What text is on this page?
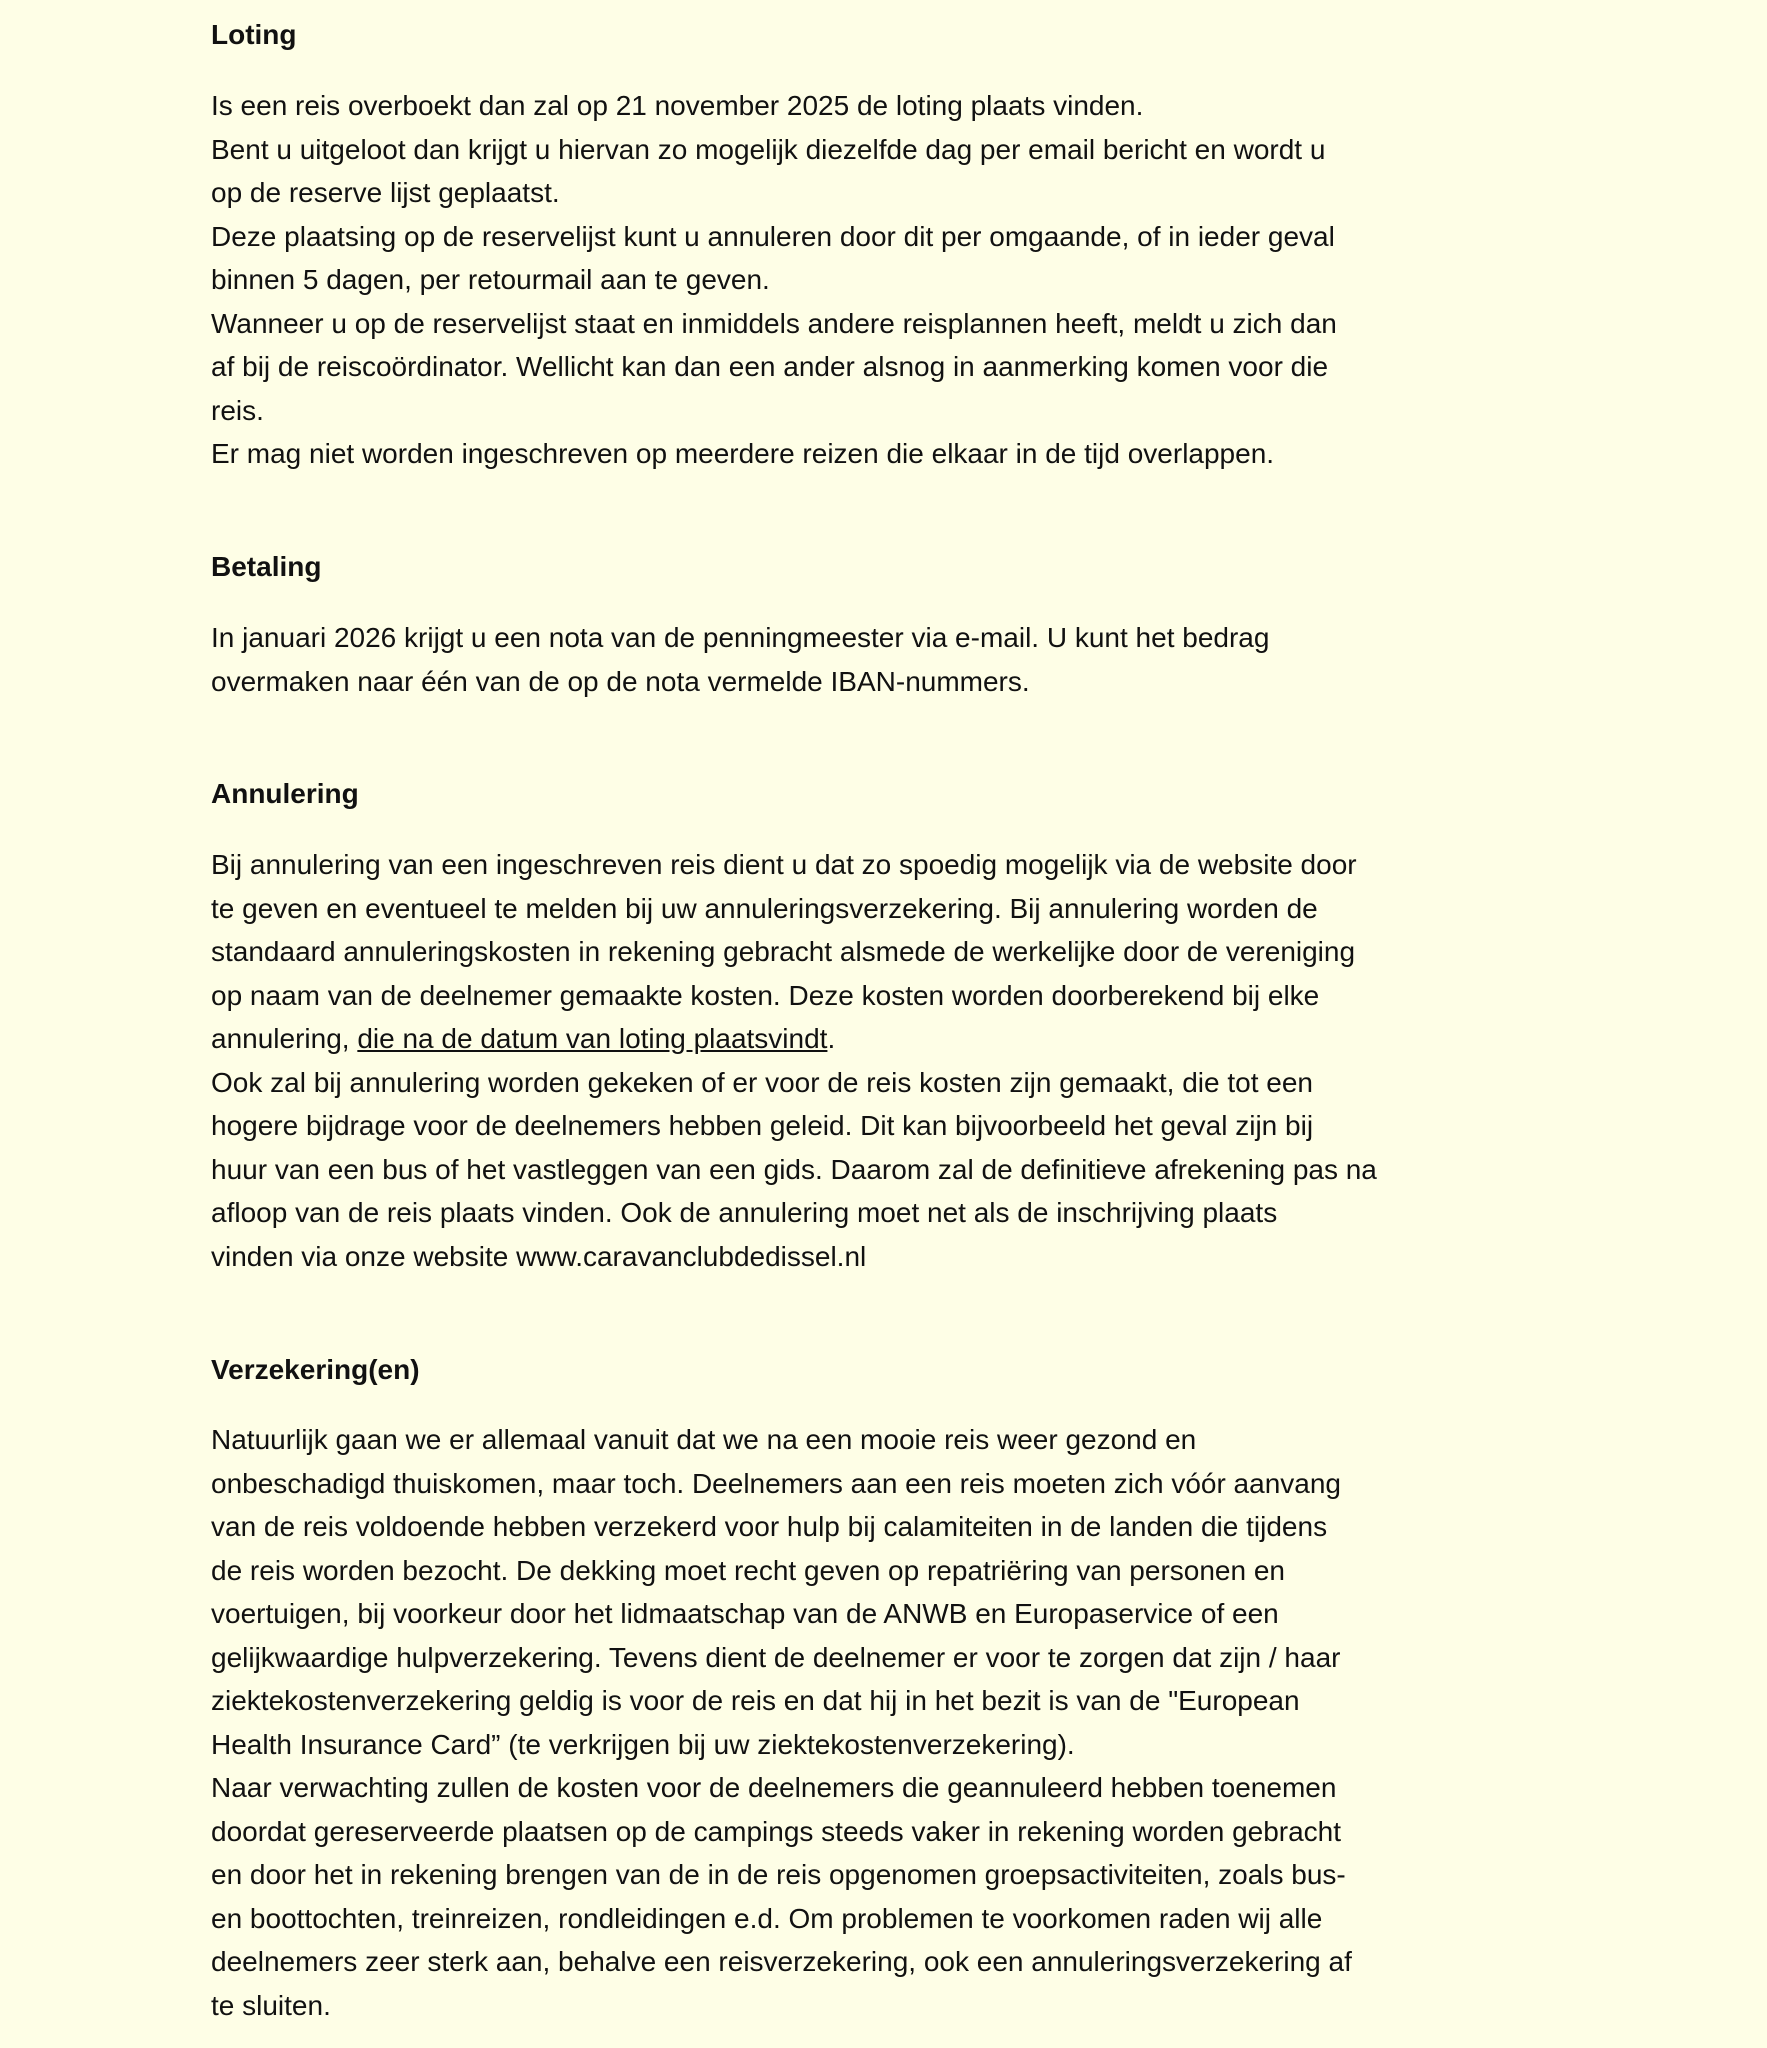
Loting
Is een reis overboekt dan zal op 21 november 2025 de loting plaats vinden.
Bent u uitgeloot dan krijgt u hiervan zo mogelijk diezelfde dag per email bericht en wordt u
op de reserve lijst geplaatst.
Deze plaatsing op de reservelijst kunt u annuleren door dit per omgaande, of in ieder geval
binnen 5 dagen, per retourmail aan te geven.
Wanneer u op de reservelijst staat en inmiddels andere reisplannen heeft, meldt u zich dan
af bij de reiscoördinator. Wellicht kan dan een ander alsnog in aanmerking komen voor die
reis.
Er mag niet worden ingeschreven op meerdere reizen die elkaar in de tijd overlappen.
Betaling
In januari 2026 krijgt u een nota van de penningmeester via e-mail. U kunt het bedrag
overmaken naar één van de op de nota vermelde IBAN-nummers.
Annulering
Bij annulering van een ingeschreven reis dient u dat zo spoedig mogelijk via de website door
te geven en eventueel te melden bij uw annuleringsverzekering. Bij annulering worden de
standaard annuleringskosten in rekening gebracht alsmede de werkelijke door de vereniging
op naam van de deelnemer gemaakte kosten. Deze kosten worden doorberekend bij elke
annulering, die na de datum van loting plaatsvindt.
Ook zal bij annulering worden gekeken of er voor de reis kosten zijn gemaakt, die tot een
hogere bijdrage voor de deelnemers hebben geleid. Dit kan bijvoorbeeld het geval zijn bij
huur van een bus of het vastleggen van een gids. Daarom zal de definitieve afrekening pas na
afloop van de reis plaats vinden. Ook de annulering moet net als de inschrijving plaats
vinden via onze website www.caravanclubdedissel.nl
Verzekering(en)
Natuurlijk gaan we er allemaal vanuit dat we na een mooie reis weer gezond en
onbeschadigd thuiskomen, maar toch. Deelnemers aan een reis moeten zich vóór aanvang
van de reis voldoende hebben verzekerd voor hulp bij calamiteiten in de landen die tijdens
de reis worden bezocht. De dekking moet recht geven op repatriëring van personen en
voertuigen, bij voorkeur door het lidmaatschap van de ANWB en Europaservice of een
gelijkwaardige hulpverzekering. Tevens dient de deelnemer er voor te zorgen dat zijn / haar
ziektekostenverzekering geldig is voor de reis en dat hij in het bezit is van de "European
Health Insurance Card” (te verkrijgen bij uw ziektekostenverzekering).
Naar verwachting zullen de kosten voor de deelnemers die geannuleerd hebben toenemen
doordat gereserveerde plaatsen op de campings steeds vaker in rekening worden gebracht
en door het in rekening brengen van de in de reis opgenomen groepsactiviteiten, zoals bus-
en boottochten, treinreizen, rondleidingen e.d. Om problemen te voorkomen raden wij alle
deelnemers zeer sterk aan, behalve een reisverzekering, ook een annuleringsverzekering af
te sluiten.
